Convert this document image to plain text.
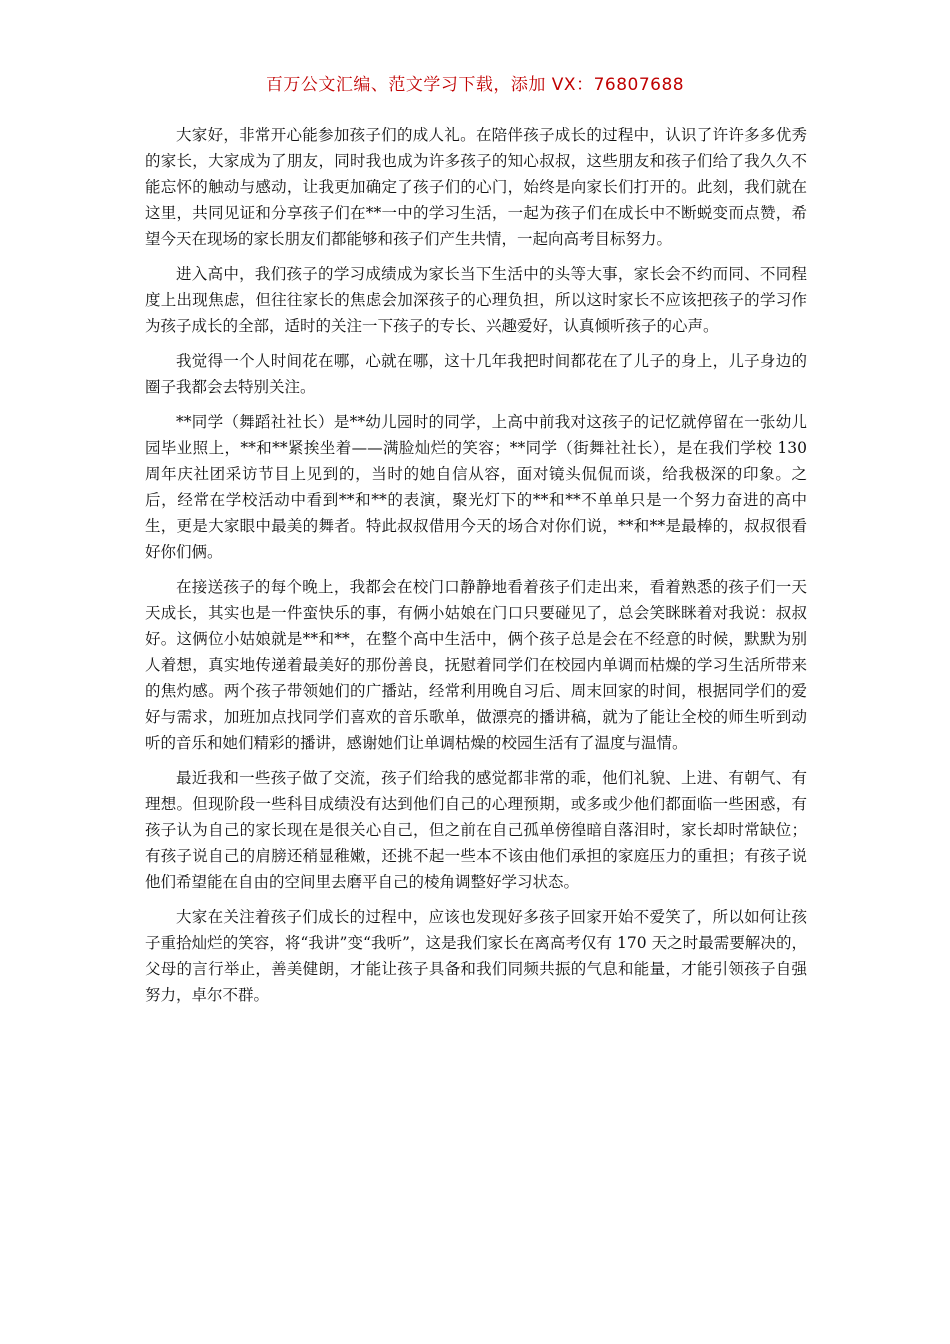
百万公文汇编、范文学习下载，添加 VX：76807688

大家好，非常开心能参加孩子们的成人礼。在陪伴孩子成长的过程中，认识了许许多多优秀的家长，大家成为了朋友，同时我也成为许多孩子的知心叔叔，这些朋友和孩子们给了我久久不能忘怀的触动与感动，让我更加确定了孩子们的心门，始终是向家长们打开的。此刻，我们就在这里，共同见证和分享孩子们在**一中的学习生活，一起为孩子们在成长中不断蜕变而点赞，希望今天在现场的家长朋友们都能够和孩子们产生共情，一起向高考目标努力。

进入高中，我们孩子的学习成绩成为家长当下生活中的头等大事，家长会不约而同、不同程度上出现焦虑，但往往家长的焦虑会加深孩子的心理负担，所以这时家长不应该把孩子的学习作为孩子成长的全部，适时的关注一下孩子的专长、兴趣爱好，认真倾听孩子的心声。

我觉得一个人时间花在哪，心就在哪，这十几年我把时间都花在了儿子的身上，儿子身边的圈子我都会去特别关注。

**同学（舞蹈社社长）是**幼儿园时的同学，上高中前我对这孩子的记忆就停留在一张幼儿园毕业照上，**和**紧挨坐着——满脸灿烂的笑容；**同学（街舞社社长），是在我们学校 130 周年庆社团采访节目上见到的，当时的她自信从容，面对镜头侃侃而谈，给我极深的印象。之后，经常在学校活动中看到**和**的表演，聚光灯下的**和**不单单只是一个努力奋进的高中生，更是大家眼中最美的舞者。特此叔叔借用今天的场合对你们说，**和**是最棒的，叔叔很看好你们俩。

在接送孩子的每个晚上，我都会在校门口静静地看着孩子们走出来，看着熟悉的孩子们一天天成长，其实也是一件蛮快乐的事，有俩小姑娘在门口只要碰见了，总会笑眯眯着对我说：叔叔好。这俩位小姑娘就是**和**，在整个高中生活中，俩个孩子总是会在不经意的时候，默默为别人着想，真实地传递着最美好的那份善良，抚慰着同学们在校园内单调而枯燥的学习生活所带来的焦灼感。两个孩子带领她们的广播站，经常利用晚自习后、周末回家的时间，根据同学们的爱好与需求，加班加点找同学们喜欢的音乐歌单，做漂亮的播讲稿，就为了能让全校的师生听到动听的音乐和她们精彩的播讲，感谢她们让单调枯燥的校园生活有了温度与温情。

最近我和一些孩子做了交流，孩子们给我的感觉都非常的乖，他们礼貌、上进、有朝气、有理想。但现阶段一些科目成绩没有达到他们自己的心理预期，或多或少他们都面临一些困惑，有孩子认为自己的家长现在是很关心自己，但之前在自己孤单傍徨暗自落泪时，家长却时常缺位；有孩子说自己的肩膀还稍显稚嫩，还挑不起一些本不该由他们承担的家庭压力的重担；有孩子说他们希望能在自由的空间里去磨平自己的棱角调整好学习状态。

大家在关注着孩子们成长的过程中，应该也发现好多孩子回家开始不爱笑了，所以如何让孩子重拾灿烂的笑容，将“我讲”变“我听”，这是我们家长在离高考仅有 170 天之时最需要解决的，父母的言行举止，善美健朗，才能让孩子具备和我们同频共振的气息和能量，才能引领孩子自强努力，卓尔不群。
